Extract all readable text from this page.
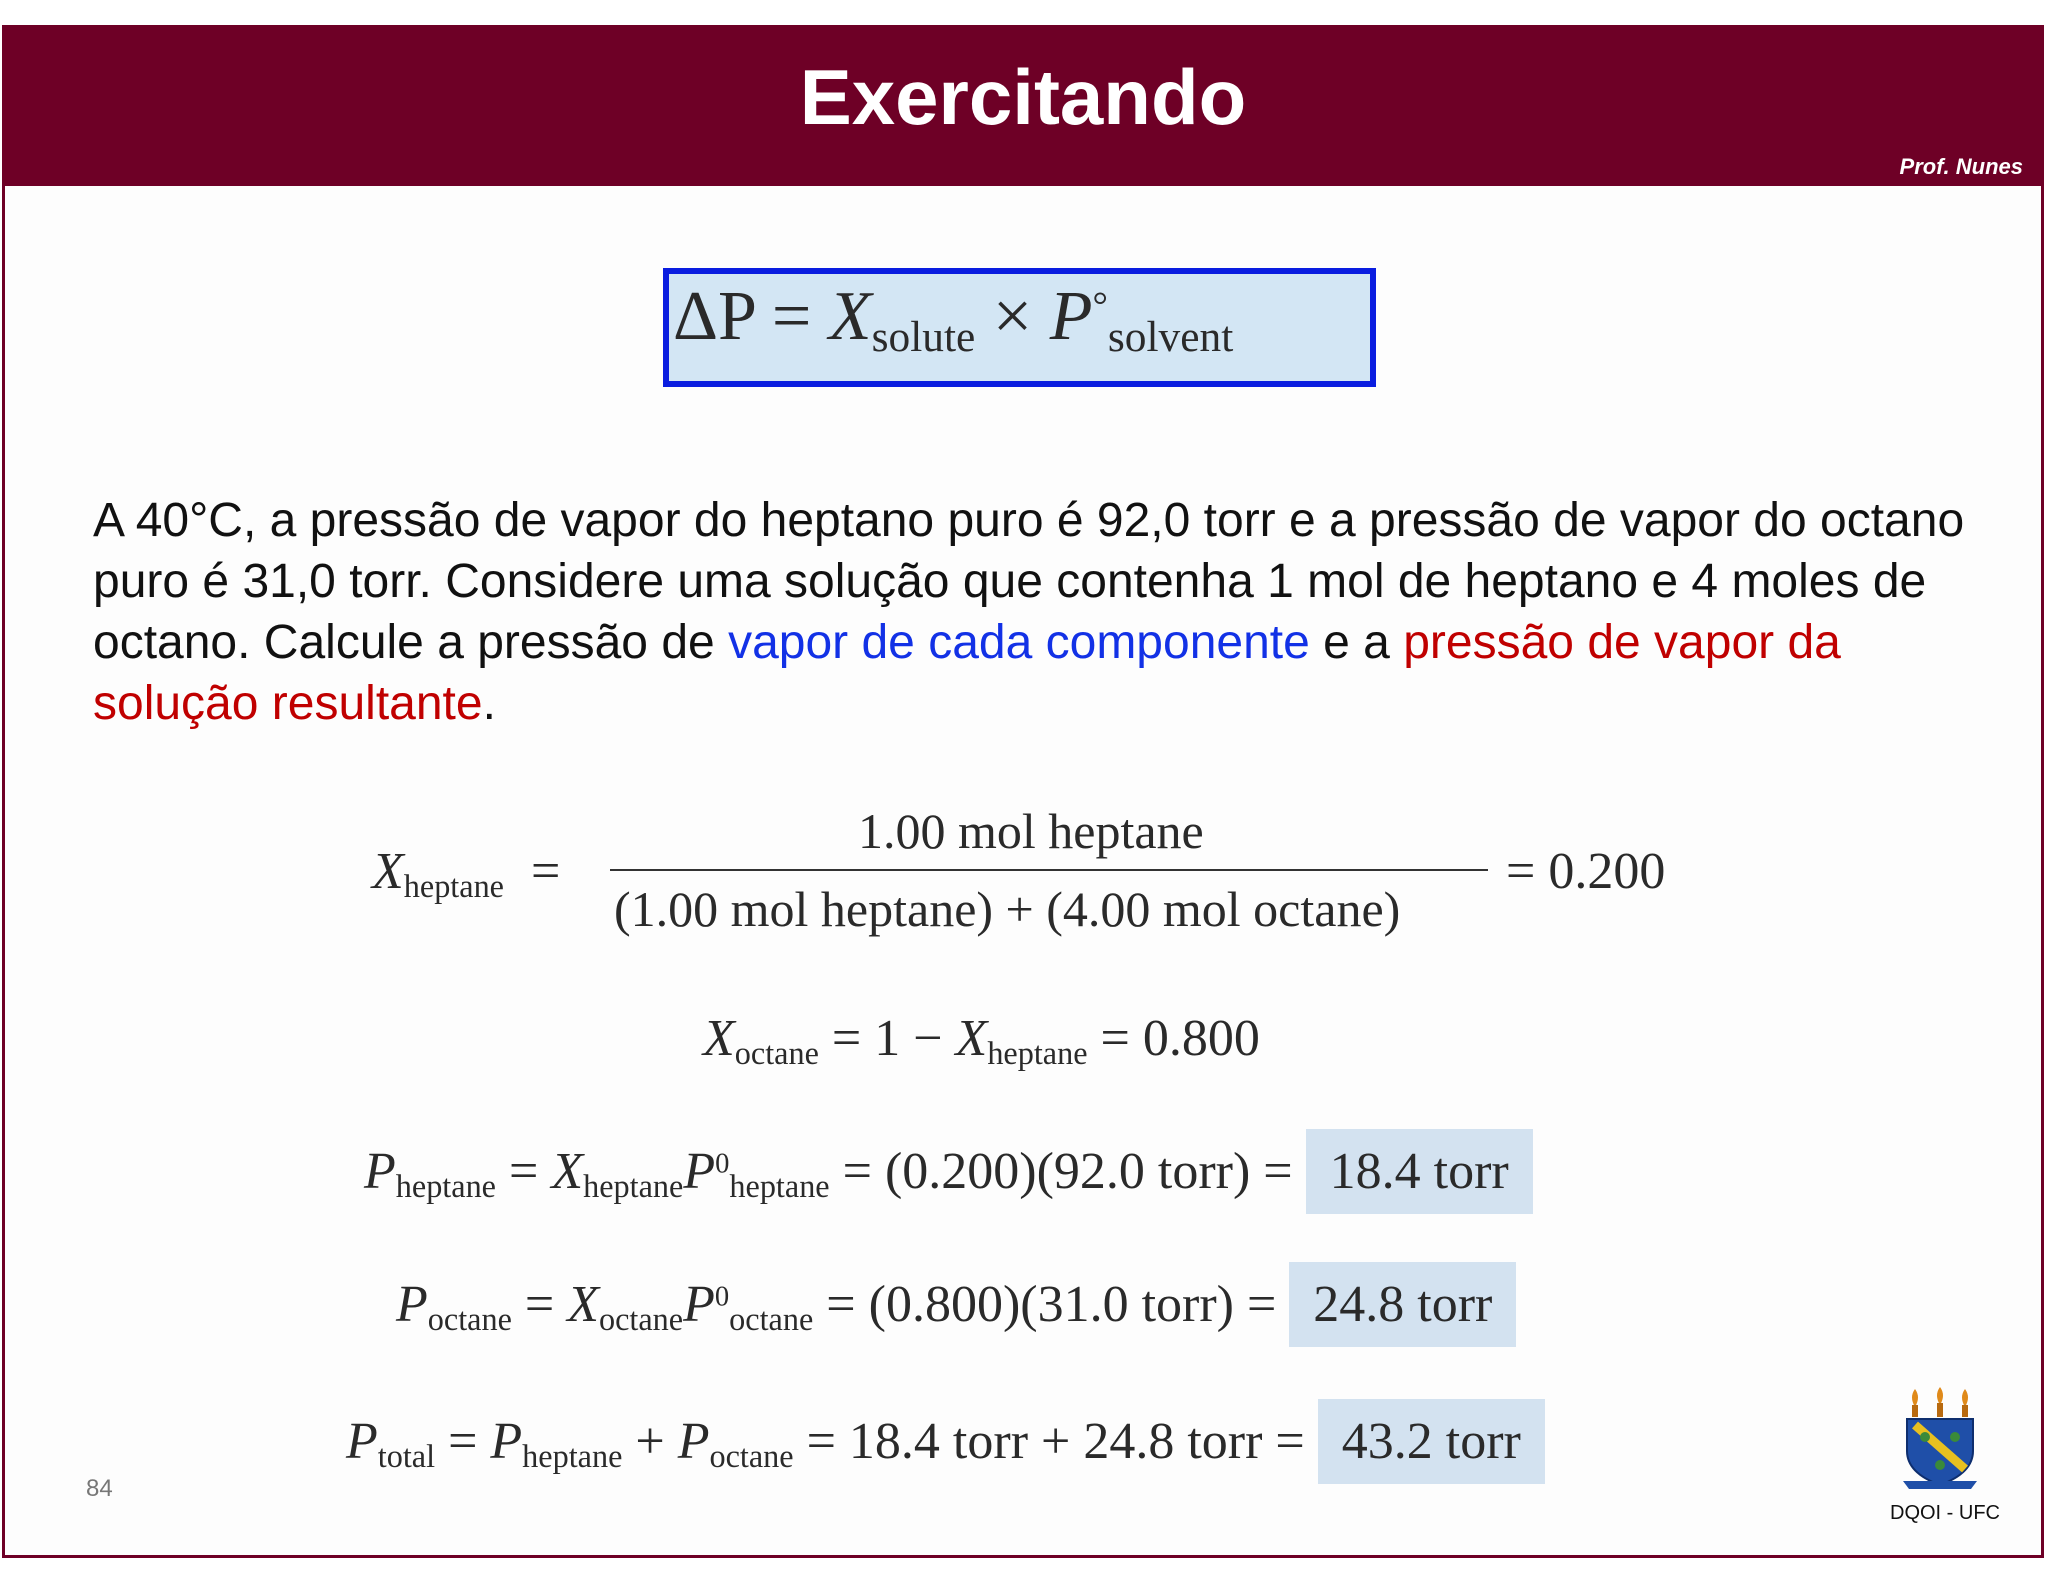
Exercitando
Prof. Nunes
$\Delta P = X_{solute} \times P^\circ_{solvent}$
A 40°C, a pressão de vapor do heptano puro é 92,0 torr e a pressão de vapor do octano puro é 31,0 torr. Considere uma solução que contenha 1 mol de heptano e 4 moles de octano. Calcule a pressão de vapor de cada componente e a pressão de vapor da solução resultante.
$X_{heptane}$ =
1.00 mol heptane
(1.00 mol heptane) + (4.00 mol octane)
= 0.200
$X_{octane} = 1 - X_{heptane} = 0.800$
$P_{heptane} = X_{heptane}P^0_{heptane} = (0.200)(92.0$ torr) = 18.4 torr
$P_{octane} = X_{octane}P^0_{octane} = (0.800)(31.0$ torr) = 24.8 torr
$P_{total} = P_{heptane} + P_{octane} = 18.4$ torr + 24.8 torr = 43.2 torr
84
DQOI - UFC
